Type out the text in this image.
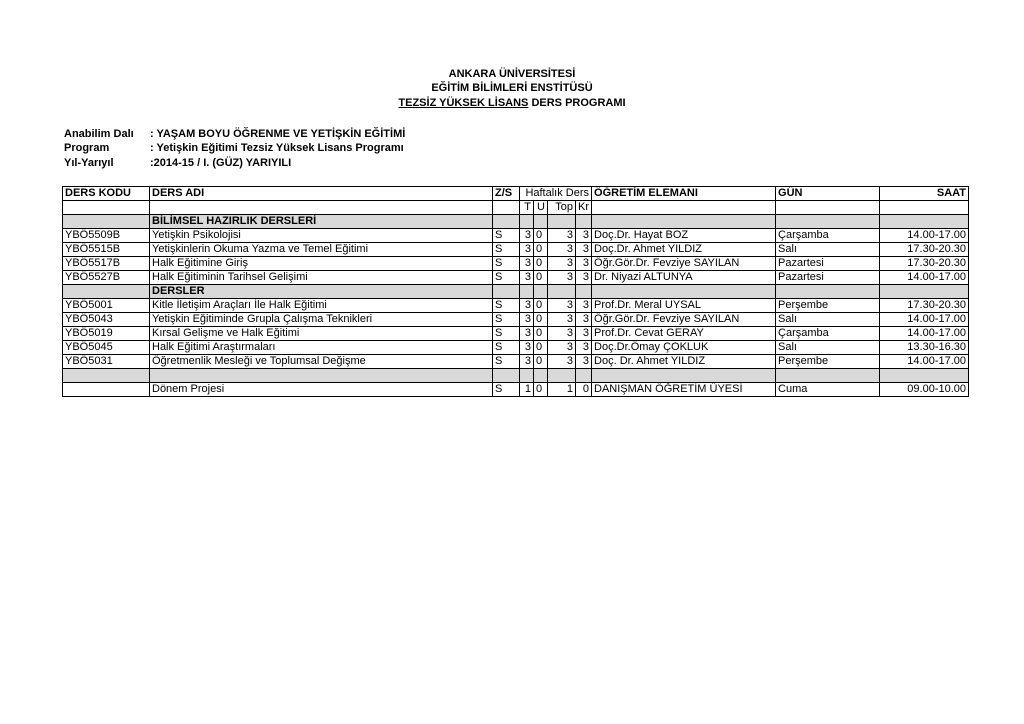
ANKARA ÜNİVERSİTESİ
EĞİTİM BİLİMLERİ ENSTİTÜSÜ
TEZSİZ YÜKSEK LİSANS DERS PROGRAMI
Anabilim Dalı : YAŞAM BOYU ÖĞRENME VE YETİŞKİN EĞİTİMİ
Program	: Yetişkin Eğitimi Tezsiz Yüksek Lisans Programı
Yıl-Yarıyıl	:2014-15 / I. (GÜZ) YARIYILI
DERS KODU	DERS ADI	Z/S	Haftalık Ders				ÖĞRETİM ELEMANI	GÜN	SAAT
			T	U	Top	Kr			
	BİLİMSEL HAZIRLIK DERSLERİ								
YBÖ5509B	Yetişkin Psikolojisi	S	3	0	3	3	Doç.Dr. Hayat BOZ	Çarşamba	14.00-17.00
YBÖ5515B	Yetişkinlerin Okuma Yazma ve Temel Eğitimi	S	3	0	3	3	Doç.Dr. Ahmet YILDIZ	Salı	17.30-20.30
YBÖ5517B	Halk Eğitimine Giriş	S	3	0	3	3	Öğr.Gör.Dr. Fevziye SAYILAN	Pazartesi	17.30-20.30
YBÖ5527B	Halk Eğitiminin Tarihsel Gelişimi	S	3	0	3	3	Dr. Niyazi ALTUNYA	Pazartesi	14.00-17.00
	DERSLER								
YBÖ5001	Kitle İletişim Araçları İle Halk Eğitimi	S	3	0	3	3	Prof.Dr. Meral UYSAL	Perşembe	17.30-20.30
YBÖ5043	Yetişkin Eğitiminde Grupla Çalışma Teknikleri	S	3	0	3	3	Öğr.Gör.Dr. Fevziye SAYILAN	Salı	14.00-17.00
YBÖ5019	Kırsal Gelişme ve Halk Eğitimi	S	3	0	3	3	Prof.Dr. Cevat GERAY	Çarşamba	14.00-17.00
YBÖ5045	Halk Eğitimi Araştırmaları	S	3	0	3	3	Doç.Dr.Ömay ÇOKLUK	Salı	13.30-16.30
YBÖ5031	Öğretmenlik Mesleği ve Toplumsal Değişme	S	3	0	3	3	Doç. Dr. Ahmet YILDIZ	Perşembe	14.00-17.00

	Dönem Projesi	S	1	0	1	0	DANIŞMAN ÖĞRETİM ÜYESİ	Cuma	09.00-10.00
